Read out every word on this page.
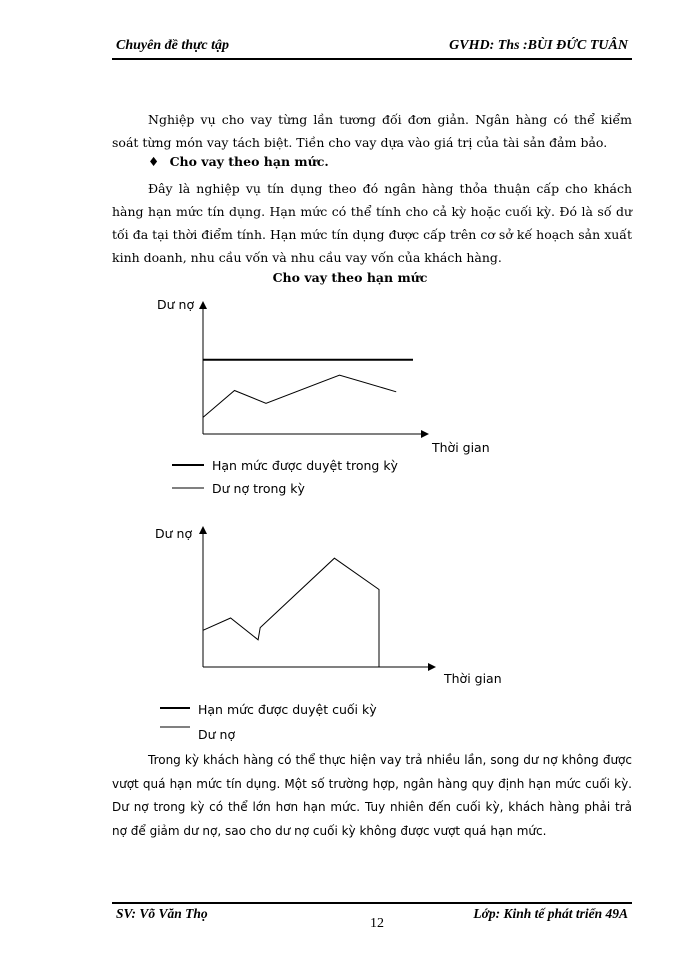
Chuyên đề thực tập	GVHD: Ths :BÙI ĐỨC TUÂN

Nghiệp vụ cho vay từng lần tương đối đơn giản. Ngân hàng có thể kiểm soát từng món vay tách biệt. Tiền cho vay dựa vào giá trị của tài sản đảm bảo.

♦ Cho vay theo hạn mức.

Đây là nghiệp vụ tín dụng theo đó ngân hàng thỏa thuận cấp cho khách hàng hạn mức tín dụng. Hạn mức có thể tính cho cả kỳ hoặc cuối kỳ. Đó là số dư tối đa tại thời điểm tính. Hạn mức tín dụng được cấp trên cơ sở kế hoạch sản xuất kinh doanh, nhu cầu vốn và nhu cầu vay vốn của khách hàng.

Cho vay theo hạn mức
Dư nợ
Thời gian
Hạn mức được duyệt trong kỳ
Dư nợ trong kỳ
Dư nợ
Thời gian
Hạn mức được duyệt cuối kỳ
Dư nợ

Trong kỳ khách hàng có thể thực hiện vay trả nhiều lần, song dư nợ không được vượt quá hạn mức tín dụng. Một số trường hợp, ngân hàng quy định hạn mức cuối kỳ. Dư nợ trong kỳ có thể lớn hơn hạn mức. Tuy nhiên đến cuối kỳ, khách hàng phải trả nợ để giảm dư nợ, sao cho dư nợ cuối kỳ không được vượt quá hạn mức.

SV: Võ Văn Thọ
12
Lớp: Kinh tế phát triển 49A
